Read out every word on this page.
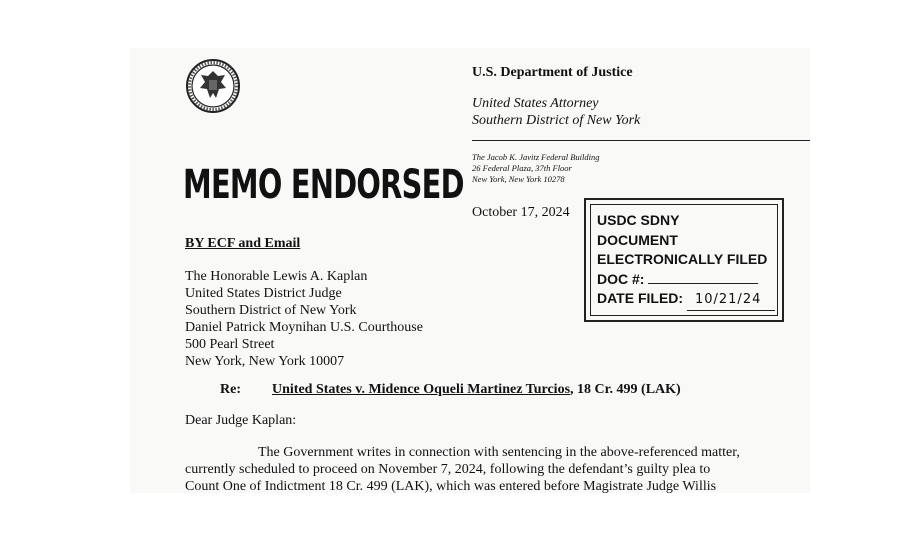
U.S. Department of Justice
United States Attorney
Southern District of New York
The Jacob K. Javitz Federal Building
26 Federal Plaza, 37th Floor
New York, New York 10278
MEMO ENDORSED
October 17, 2024 USDC SDNY
DOCUMENT
ELECTRONICALLY FILED
DOC #:
DATE FILED: 10/21/24
BY ECF and Email
The Honorable Lewis A. Kaplan
United States District Judge
Southern District of New York
Daniel Patrick Moynihan U.S. Courthouse
500 Pearl Street
New York, New York 10007
Re: United States v. Midence Oqueli Martinez Turcios, 18 Cr. 499 (LAK)
Dear Judge Kaplan:
The Government writes in connection with sentencing in the above-referenced matter,
currently scheduled to proceed on November 7, 2024, following the defendant’s guilty plea to
Count One of Indictment 18 Cr. 499 (LAK), which was entered before Magistrate Judge Willis
